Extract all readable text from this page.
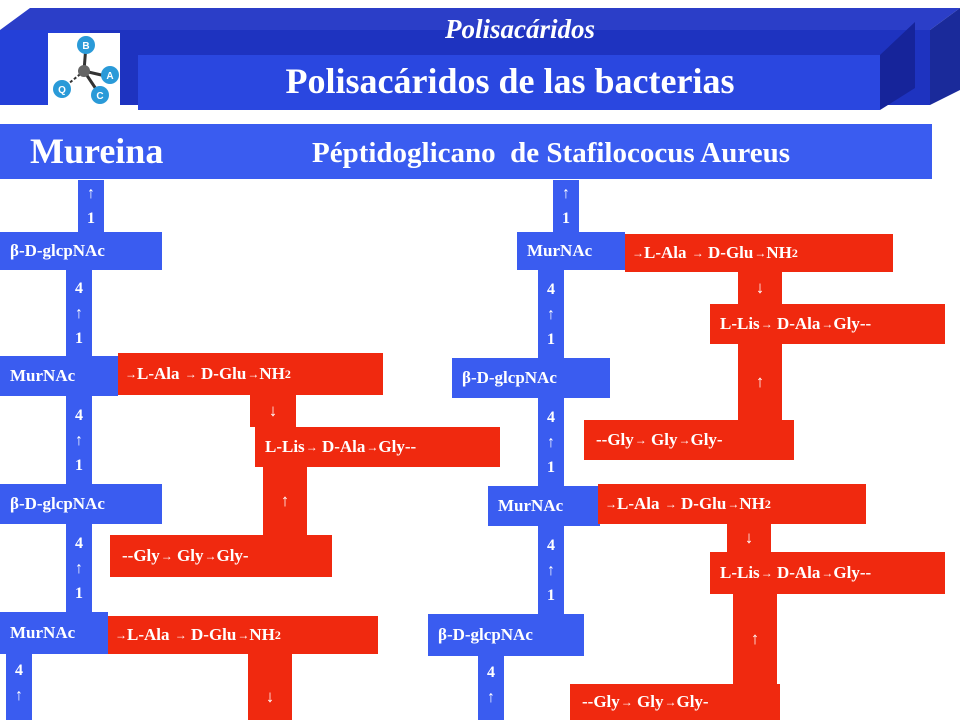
B
A
C
Q
Polisacáridos
Polisacáridos de las bacterias
Mureina	Péptidoglicano  de Stafilococus Aureus
↑
1
β-D-glcpNAc
4
↑
1
MurNAc
4
↑
1
β-D-glcpNAc
4
↑
1
MurNAc
4
↑
→ L-Ala
→
D-Glu → NH 2
↓
L-Lis →
D-Ala → Gly--
↑
--Gly →
Gly → Gly-
→ L-Ala
→
D-Glu → NH 2
↓
↑
1
MurNAc
4
↑
1
β-D-glcpNAc
4
↑
1
MurNAc
4
↑
1
β-D-glcpNAc
4
↑
→ L-Ala
→
D-Glu → NH 2
↓
L-Lis →
D-Ala → Gly--
↑
--Gly →
Gly → Gly-
→ L-Ala
→
D-Glu → NH 2
↓
L-Lis →
D-Ala → Gly--
↑
--Gly →
Gly → Gly-
